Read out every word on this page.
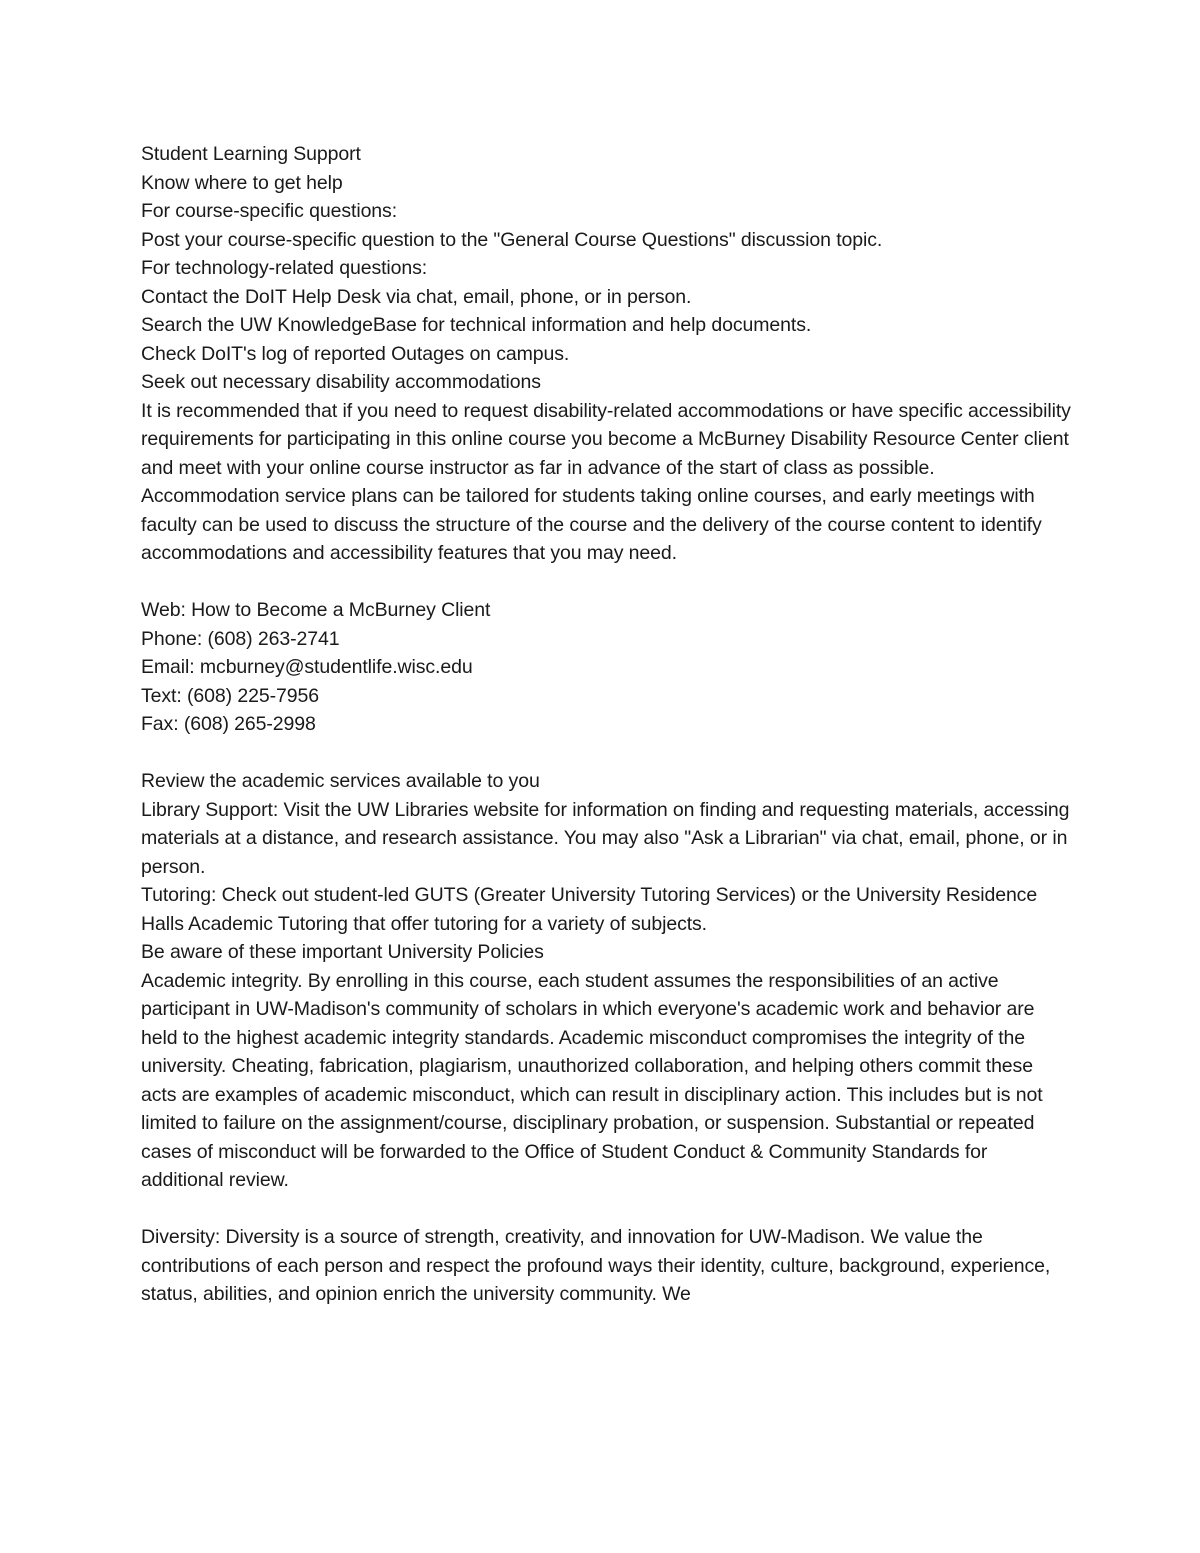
Student Learning Support

Know where to get help

For course-specific questions:

Post your course-specific question to the "General Course Questions" discussion topic.

For technology-related questions:

Contact the DoIT Help Desk via chat, email, phone, or in person.

Search the UW KnowledgeBase for technical information and help documents.

Check DoIT's log of reported Outages on campus.

Seek out necessary disability accommodations

It is recommended that if you need to request disability-related accommodations or have specific accessibility requirements for participating in this online course you become a McBurney Disability Resource Center client and meet with your online course instructor as far in advance of the start of class as possible. Accommodation service plans can be tailored for students taking online courses, and early meetings with faculty can be used to discuss the structure of the course and the delivery of the course content to identify accommodations and accessibility features that you may need.

Web: How to Become a McBurney Client

Phone: (608) 263-2741

Email: mcburney@studentlife.wisc.edu

Text: (608) 225-7956

Fax: (608) 265-2998

Review the academic services available to you

Library Support: Visit the UW Libraries website for information on finding and requesting materials, accessing materials at a distance, and research assistance. You may also "Ask a Librarian" via chat, email, phone, or in person.

Tutoring: Check out student-led GUTS (Greater University Tutoring Services) or the University Residence Halls Academic Tutoring that offer tutoring for a variety of subjects.

Be aware of these important University Policies

Academic integrity. By enrolling in this course, each student assumes the responsibilities of an active participant in UW-Madison's community of scholars in which everyone's academic work and behavior are held to the highest academic integrity standards. Academic misconduct compromises the integrity of the university. Cheating, fabrication, plagiarism, unauthorized collaboration, and helping others commit these acts are examples of academic misconduct, which can result in disciplinary action. This includes but is not limited to failure on the assignment/course, disciplinary probation, or suspension. Substantial or repeated cases of misconduct will be forwarded to the Office of Student Conduct & Community Standards for additional review.

Diversity: Diversity is a source of strength, creativity, and innovation for UW-Madison. We value the contributions of each person and respect the profound ways their identity, culture, background, experience, status, abilities, and opinion enrich the university community. We
